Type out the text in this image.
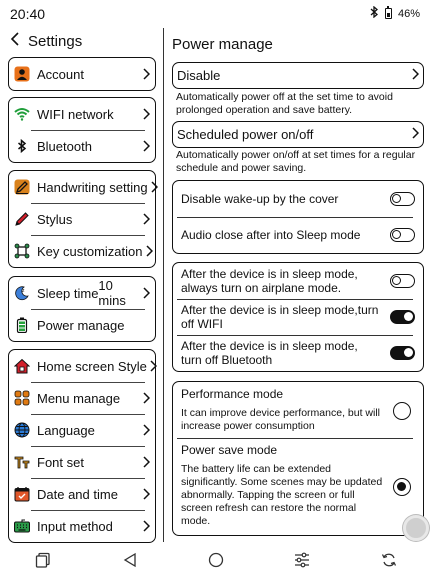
20:40	46%
Settings
Account
WIFI network
Bluetooth
Handwriting setting
Stylus
Key customization
z Sleep time 10 mins
Power manage
Home screen Style
Menu manage
Language
Font set
Date and time
Input method
Power manage
Disable
Automatically power off at the set time to avoid prolonged operation and save battery.
Scheduled power on/off
Automatically power on/off at set times for a regular schedule and power saving.
Disable wake-up by the cover
Audio close after into Sleep mode
After the device is in sleep mode, always turn on airplane mode.
After the device is in sleep mode,turn off WIFI
After the device is in sleep mode, turn off Bluetooth
Performance mode
It can improve device performance, but will increase power consumption
Power save mode
The battery life can be extended significantly. Some scenes may be updated abnormally. Tapping the screen or full screen refresh can restore the normal mode.
